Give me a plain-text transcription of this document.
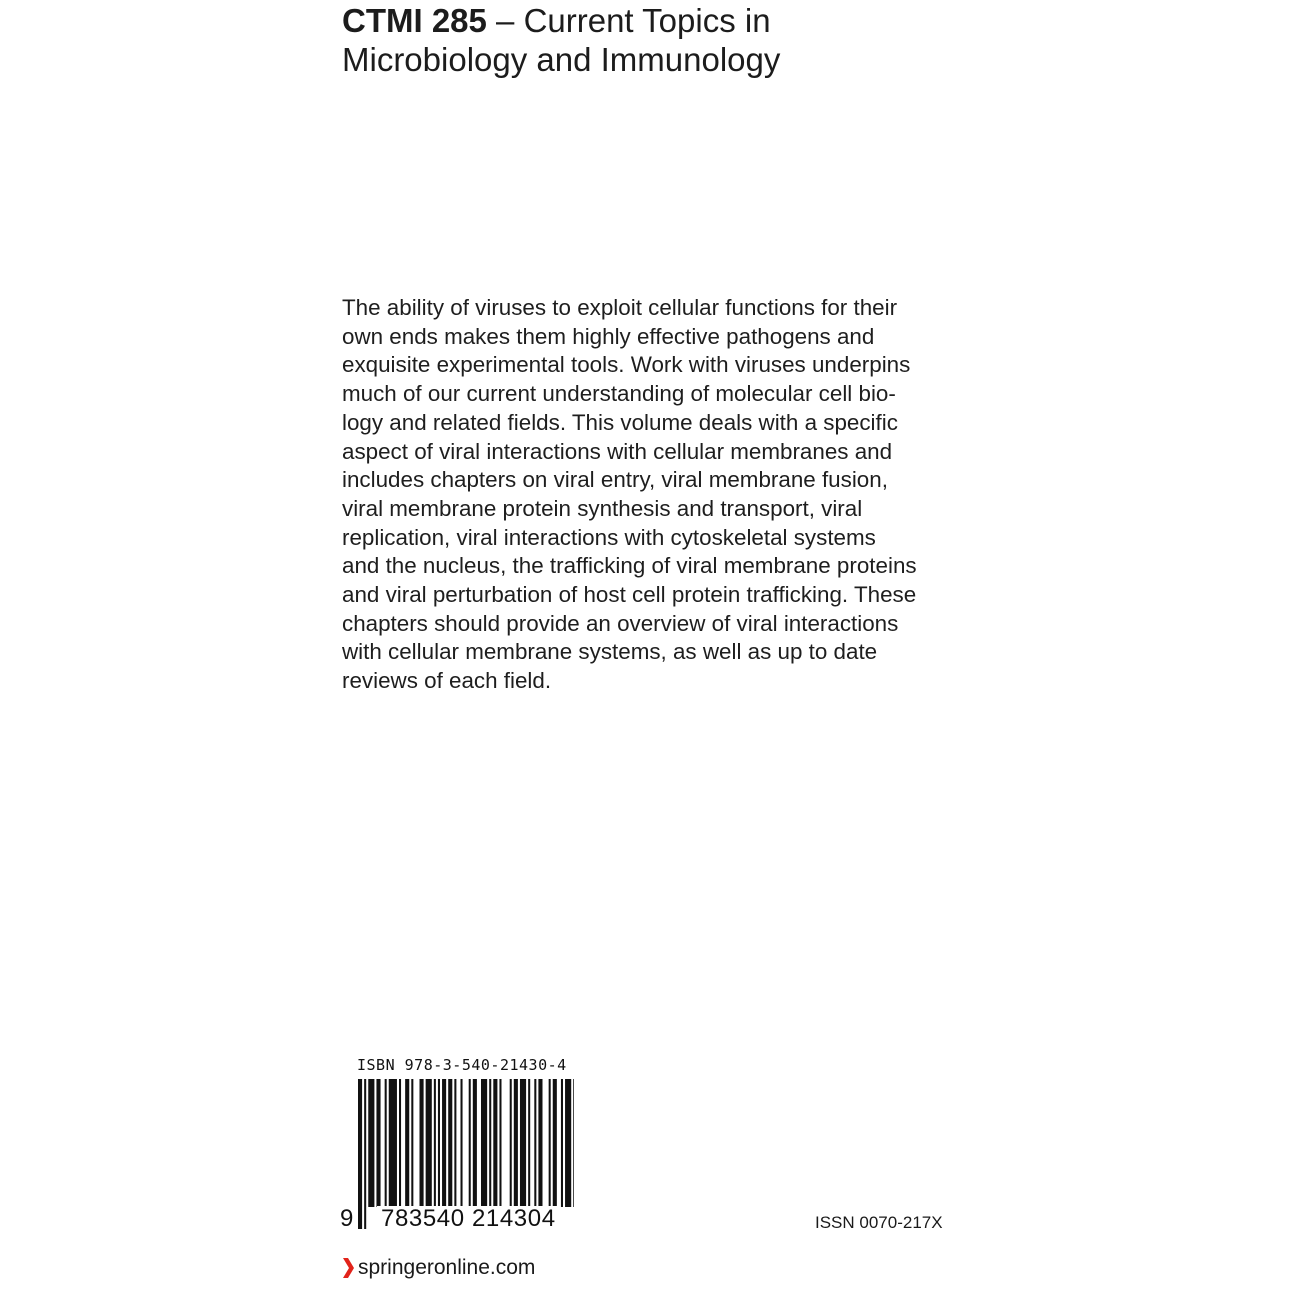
CTMI 285 – Current Topics in
Microbiology and Immunology

The ability of viruses to exploit cellular functions for their
own ends makes them highly effective pathogens and
exquisite experimental tools. Work with viruses underpins
much of our current understanding of molecular cell bio-
logy and related fields. This volume deals with a specific
aspect of viral interactions with cellular membranes and
includes chapters on viral entry, viral membrane fusion,
viral membrane protein synthesis and transport, viral
replication, viral interactions with cytoskeletal systems
and the nucleus, the trafficking of viral membrane proteins
and viral perturbation of host cell protein trafficking. These
chapters should provide an overview of viral interactions
with cellular membrane systems, as well as up to date
reviews of each field.

ISBN 978-3-540-21430-4
9 783540 214304	ISSN 0070-217X
springeronline.com
